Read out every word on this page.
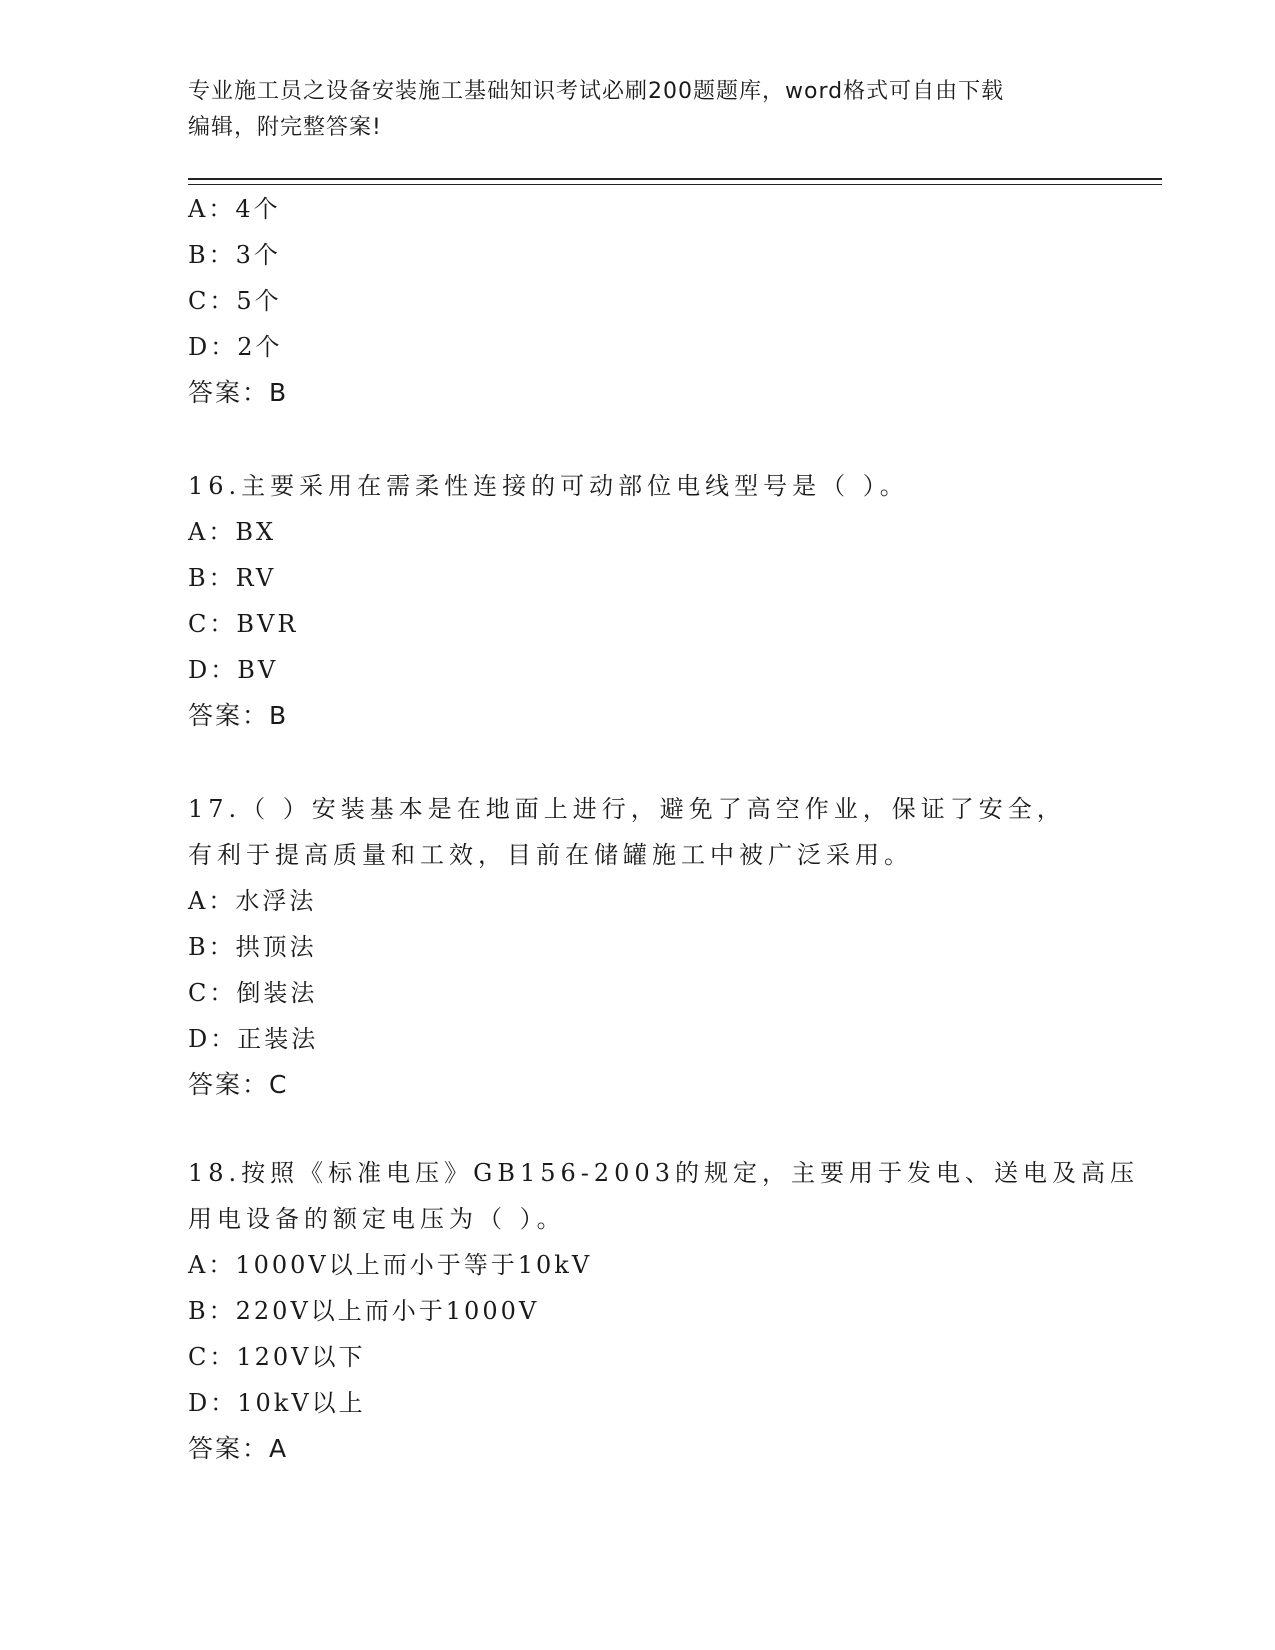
专业施工员之设备安装施工基础知识考试必刷200题题库，word格式可自由下载
编辑，附完整答案!
A：4个
B：3个
C：5个
D：2个
答案：B
16.主要采用在需柔性连接的可动部位电线型号是（ ）。
A：BX
B：RV
C：BVR
D：BV
答案：B
17.（ ）安装基本是在地面上进行，避免了高空作业，保证了安全，
有利于提高质量和工效，目前在储罐施工中被广泛采用。
A：水浮法
B：拱顶法
C：倒装法
D：正装法
答案：C
18.按照《标准电压》GB156-2003的规定，主要用于发电、送电及高压
用电设备的额定电压为（ ）。
A：1000V以上而小于等于10kV
B：220V以上而小于1000V
C：120V以下
D：10kV以上
答案：A
